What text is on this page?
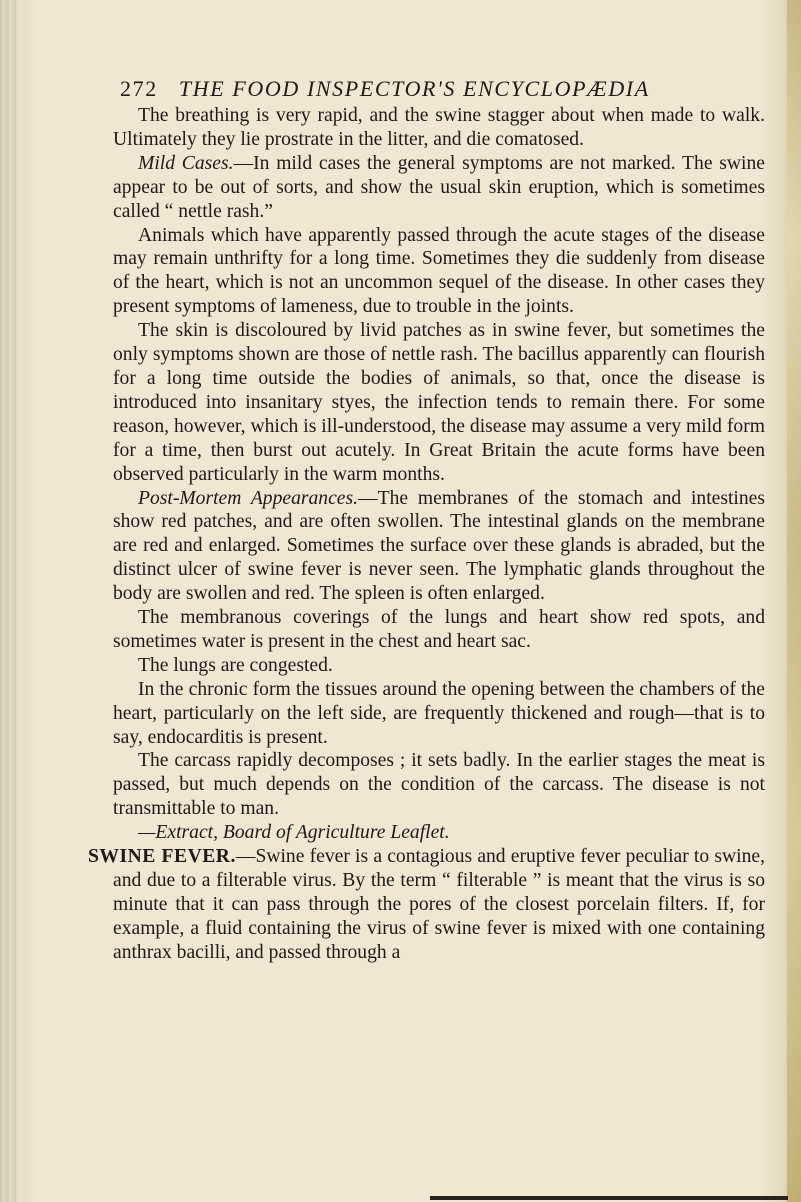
272 THE FOOD INSPECTOR'S ENCYCLOPÆDIA

The breathing is very rapid, and the swine stagger about when made to walk. Ultimately they lie prostrate in the litter, and die comatosed.

Mild Cases.—In mild cases the general symptoms are not marked. The swine appear to be out of sorts, and show the usual skin eruption, which is sometimes called “ nettle rash.”

Animals which have apparently passed through the acute stages of the disease may remain unthrifty for a long time. Sometimes they die suddenly from disease of the heart, which is not an uncommon sequel of the disease. In other cases they present symptoms of lameness, due to trouble in the joints.

The skin is discoloured by livid patches as in swine fever, but sometimes the only symptoms shown are those of nettle rash. The bacillus apparently can flourish for a long time outside the bodies of animals, so that, once the disease is introduced into insanitary styes, the infection tends to remain there. For some reason, however, which is ill-understood, the disease may assume a very mild form for a time, then burst out acutely. In Great Britain the acute forms have been observed particularly in the warm months.

Post-Mortem Appearances.—The membranes of the stomach and intestines show red patches, and are often swollen. The intestinal glands on the membrane are red and enlarged. Sometimes the surface over these glands is abraded, but the distinct ulcer of swine fever is never seen. The lymphatic glands throughout the body are swollen and red. The spleen is often enlarged.

The membranous coverings of the lungs and heart show red spots, and sometimes water is present in the chest and heart sac.

The lungs are congested.

In the chronic form the tissues around the opening between the chambers of the heart, particularly on the left side, are frequently thickened and rough—that is to say, endocarditis is present.

The carcass rapidly decomposes ; it sets badly. In the earlier stages the meat is passed, but much depends on the condition of the carcass. The disease is not transmittable to man.

—Extract, Board of Agriculture Leaflet.

SWINE FEVER.—Swine fever is a contagious and eruptive fever peculiar to swine, and due to a filterable virus. By the term “ filterable ” is meant that the virus is so minute that it can pass through the pores of the closest porcelain filters. If, for example, a fluid containing the virus of swine fever is mixed with one containing anthrax bacilli, and passed through a
